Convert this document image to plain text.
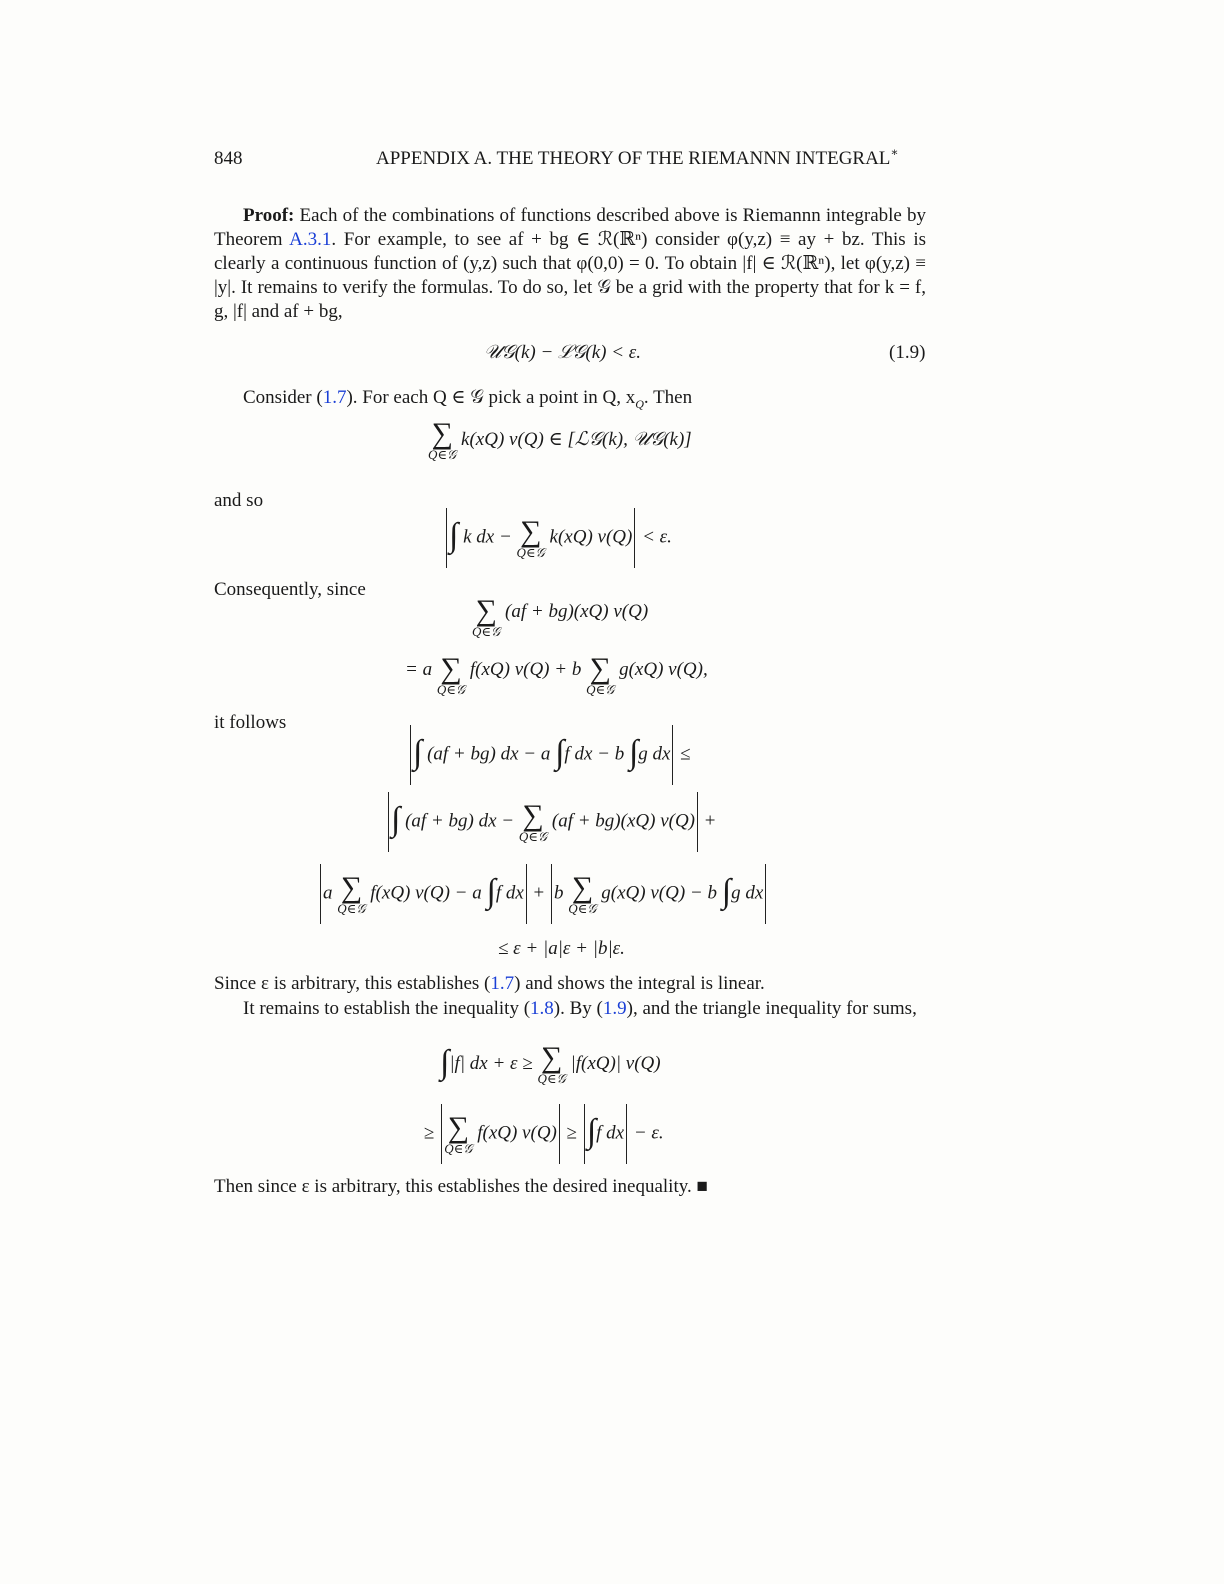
848	APPENDIX A. THE THEORY OF THE RIEMANNN INTEGRAL∗
Proof: Each of the combinations of functions described above is Riemannn integrable by Theorem A.3.1. For example, to see af + bg ∈ ℛ(ℝⁿ) consider φ(y,z) ≡ ay + bz. This is clearly a continuous function of (y,z) such that φ(0,0) = 0. To obtain |f| ∈ ℛ(ℝⁿ), let φ(y,z) ≡ |y|. It remains to verify the formulas. To do so, let 𝒢 be a grid with the property that for k = f, g, |f| and af + bg,
𝒰𝒢(k) − ℒ𝒢(k) < ε.	(1.9)
Consider (1.7). For each Q ∈ 𝒢 pick a point in Q, $x_Q$. Then
∑
Q∈𝒢
k(xQ) v(Q) ∈ [ℒ𝒢(k), 𝒰𝒢(k)]
and so
∫ k dx − ∑
Q∈𝒢
k(xQ) v(Q) < ε.
Consequently, since
∑
Q∈𝒢
(af + bg)(xQ) v(Q)
= a ∑
Q∈𝒢
f(xQ) v(Q) + b ∑
Q∈𝒢
g(xQ) v(Q),
it follows
∫ (af + bg) dx − a ∫f dx − b ∫g dx ≤
∫ (af + bg) dx − ∑
Q∈𝒢
(af + bg)(xQ) v(Q) +
a ∑
Q∈𝒢
f(xQ) v(Q) − a ∫f dx + b ∑
Q∈𝒢
g(xQ) v(Q) − b ∫g dx
≤ ε + |a|ε + |b|ε.
Since ε is arbitrary, this establishes (1.7) and shows the integral is linear.
It remains to establish the inequality (1.8). By (1.9), and the triangle inequality for sums,
∫|f| dx + ε ≥ ∑
Q∈𝒢
|f(xQ)| v(Q)
≥ ∑
Q∈𝒢
f(xQ) v(Q) ≥ ∫f dx − ε.
Then since ε is arbitrary, this establishes the desired inequality. ■
